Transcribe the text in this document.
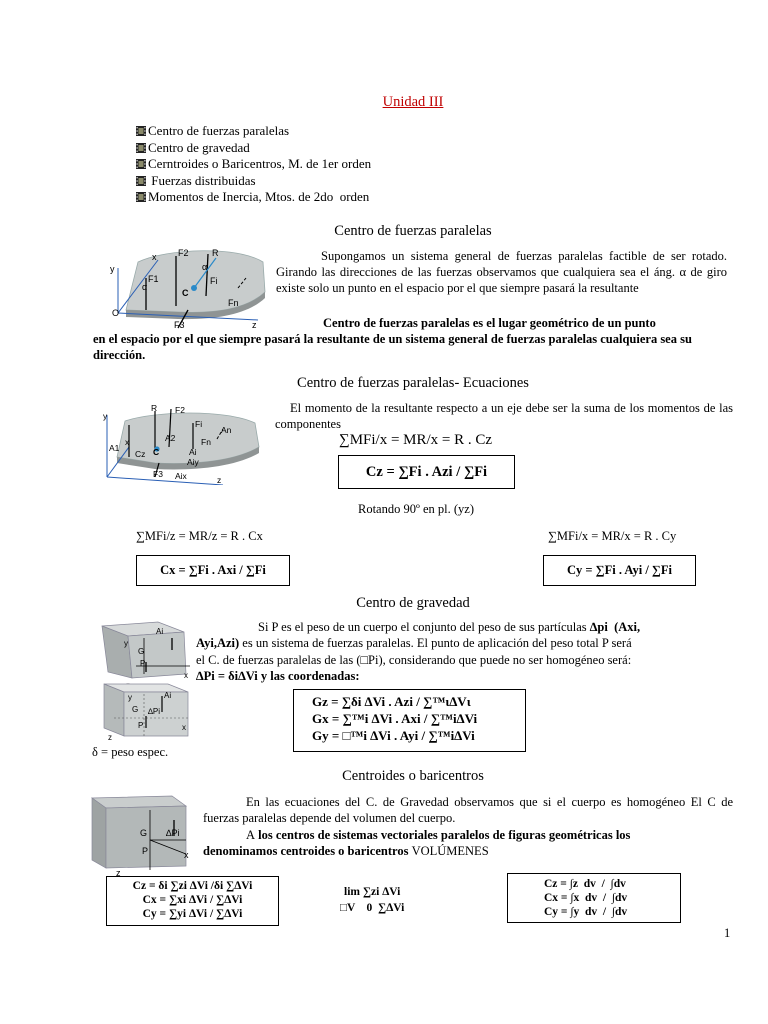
Unidad III
Centro de fuerzas paralelas
Centro de gravedad
Cerntroides o Baricentros, M. de 1er orden
Fuerzas distribuidas
Momentos de Inercia, Mtos. de 2do  orden
Centro de fuerzas paralelas
y
x F2	R
α
F1
α
Fi
C
Fn
O
F3	z
Supongamos un sistema general de fuerzas paralelas factible de ser rotado. Girando las direcciones de las fuerzas observamos que cualquiera sea el áng. α de giro existe solo un punto en el espacio por el que siempre pasará la resultante
Centro de fuerzas paralelas es el lugar geométrico de un punto
en el espacio por el que siempre pasará la resultante de un sistema general de fuerzas paralelas cualquiera sea su dirección.
Centro de fuerzas paralelas- Ecuaciones
R F2
Fi
An
A2
A1
Fn
Ai
Cz C
Aiy
F3 Aix
y
x
z
El momento de la resultante respecto a un eje debe ser la suma de los momentos de las componentes
∑MFi/x = MR/x = R . Cz
Cz = ∑Fi . Azi / ∑Fi
Rotando 90º en pl. (yz)
∑MFi/z = MR/z = R . Cx	∑MFi/x = MR/x = R . Cy
Cx = ∑Fi . Axi / ∑Fi	Cy = ∑Fi . Ayi / ∑Fi
Centro de gravedad
Ai
y
G
P
x
Ai
y
G ∆Pi
P
z
x
Si P es el peso de un cuerpo el conjunto del peso de sus partículas ∆pi  (Axi,
Ayi,Azi) es un sistema de fuerzas paralelas. El punto de aplicación del peso total P será
el C. de fuerzas paralelas de las (□Pi), considerando que puede no ser homogéneo será:
∆Pi = δi∆Vi y las coordenadas:
Gz = ∑δi ∆Vi . Azi / ∑™ι∆Vι
Gx = ∑™i ∆Vi . Axi / ∑™i∆Vi
Gy = □™i ∆Vi . Ayi / ∑™i∆Vi
δ = peso espec.
Centroides o baricentros
G
P
∆Pi
x
z
En las ecuaciones del C. de Gravedad observamos que si el cuerpo es homogéneo El C de fuerzas paralelas depende del volumen del cuerpo.
A los centros de sistemas vectoriales paralelos de figuras geométricas los
denominamos centroides o baricentros VOLÚMENES
Cz = δi ∑zi ∆Vi /δi ∑∆Vi
Cx = ∑xi ∆Vi / ∑∆Vi
Cy = ∑yi ∆Vi / ∑∆Vi
lim ∑zi ∆Vi
□V    0  ∑∆Vi
Cz = ∫z  dv  /  ∫dv
Cx = ∫x  dv  /  ∫dv
Cy = ∫y  dv  /  ∫dv
1
